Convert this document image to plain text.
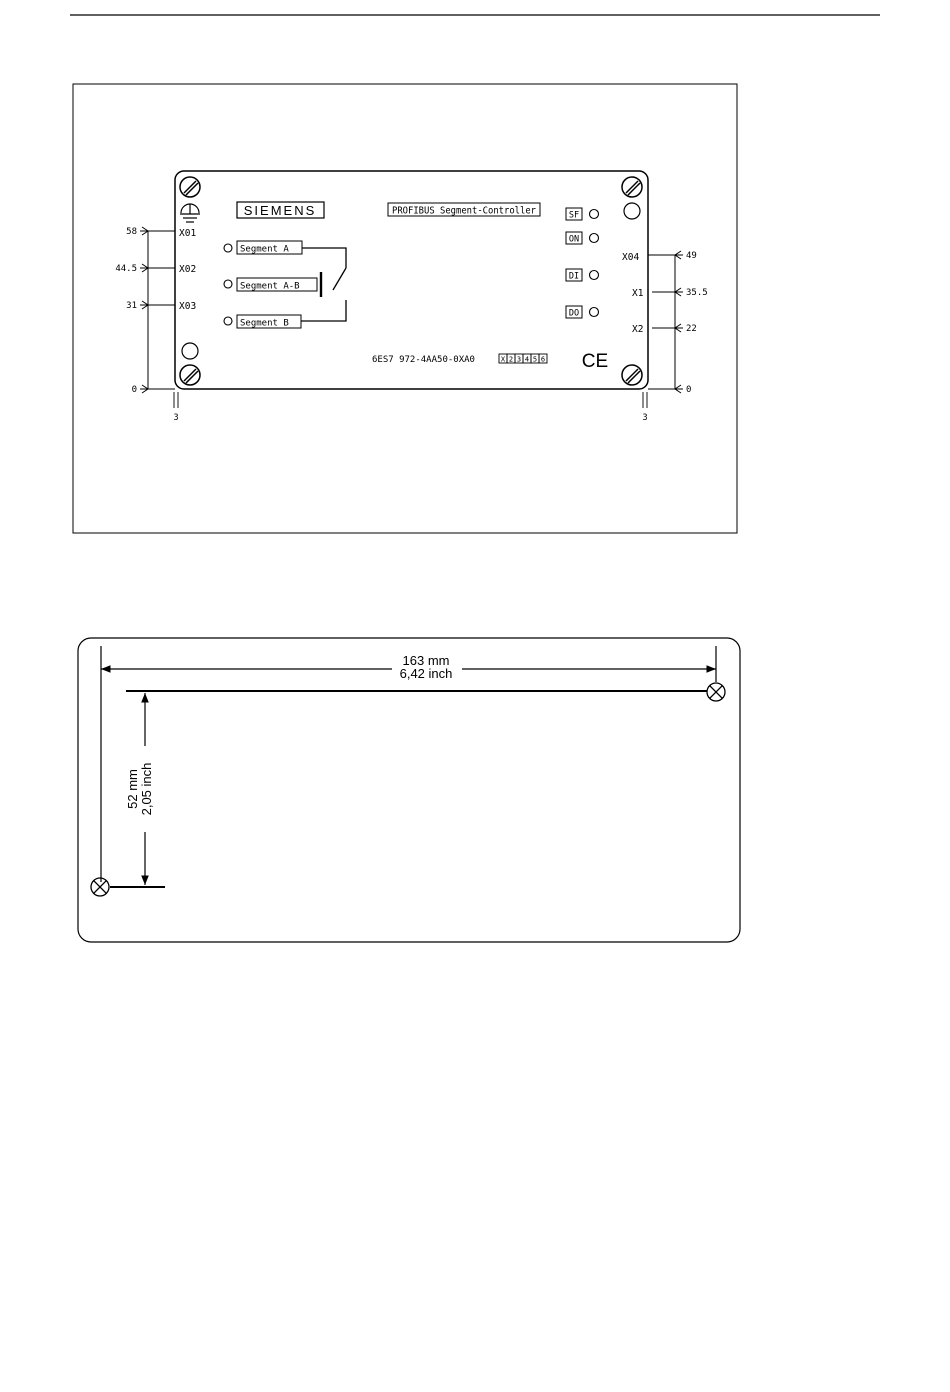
SIEMENS	PROFIBUS Segment-Controller
Segment A
Segment A-B
Segment B
SF
ON
DI
DO
6ES7 972-4AA50-0XA0	X 2 3 4 5 6 CE
X01
X02
X03
X04
X1
X2
58
44.5
31
0
49
35.5
22
0
3	3
163 mm
6,42 inch
52 mm 2,05 inch
